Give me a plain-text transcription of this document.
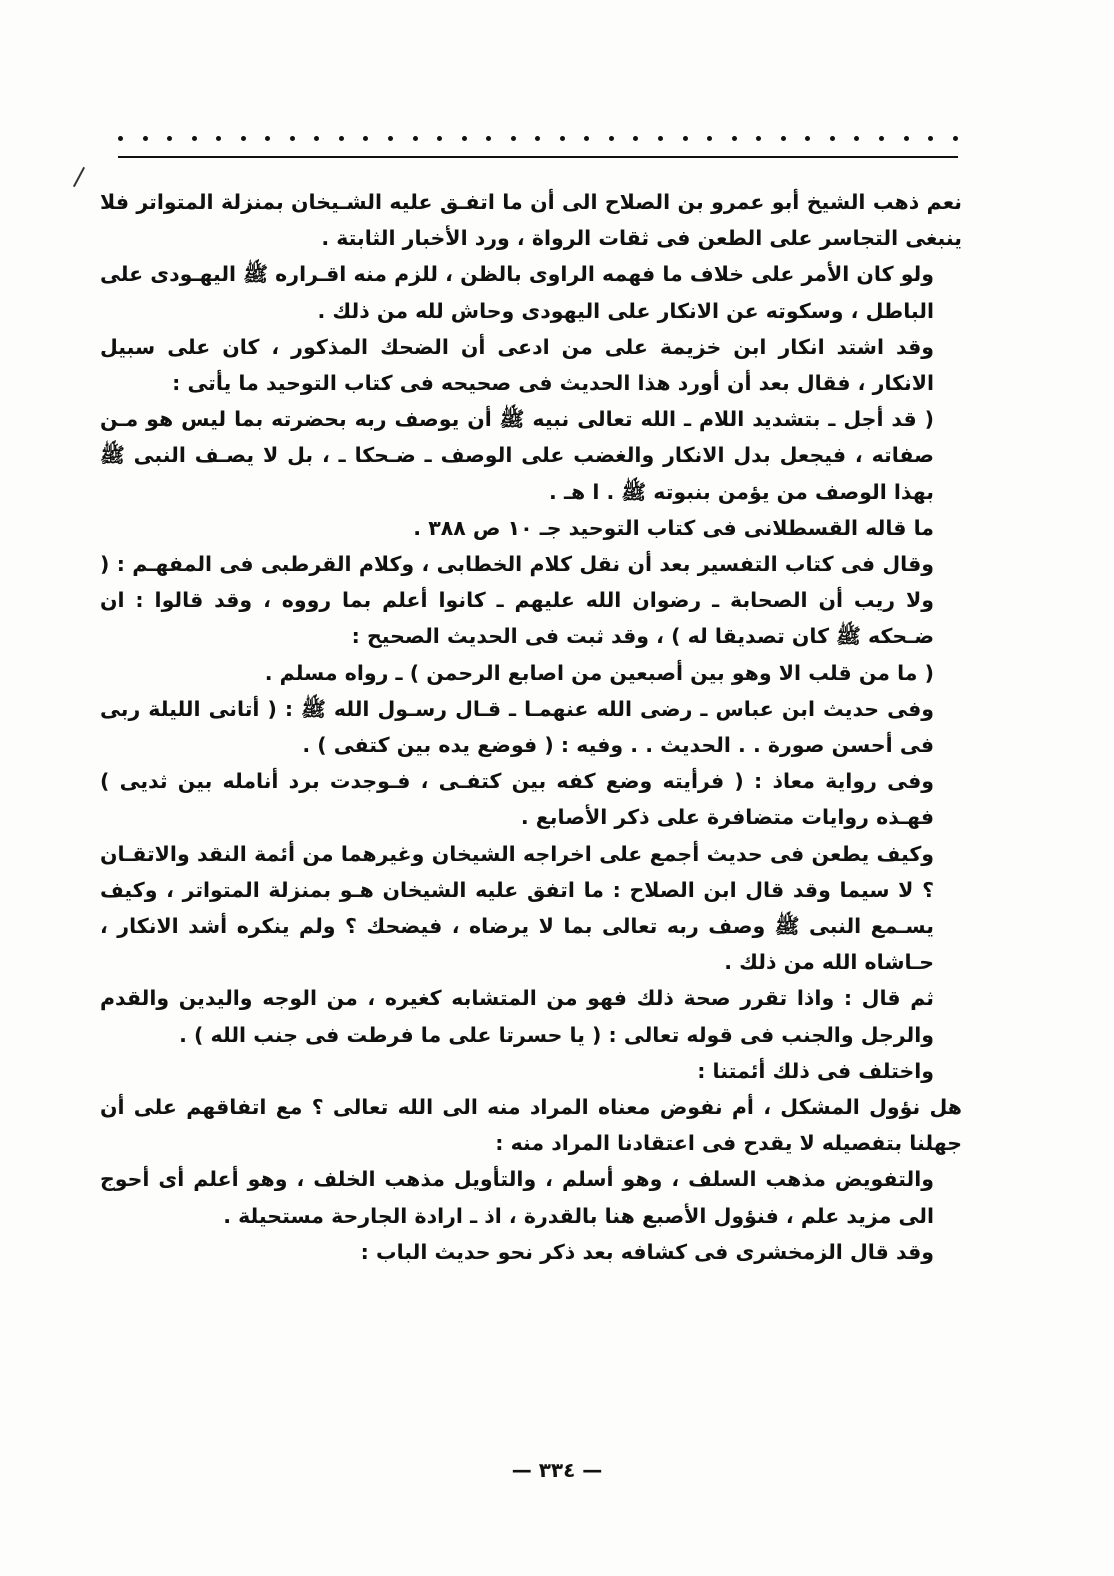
نعم ذهب الشيخ أبو عمرو بن الصلاح الى أن ما اتفـق عليه الشـيخان بمنزلة المتواتر فلا ينبغى التجاسر على الطعن فى ثقات الرواة ، ورد الأخبار الثابتة .

ولو كان الأمر على خلاف ما فهمه الراوى بالظن ، للزم منه اقـراره ﷺ اليهـودى على الباطل ، وسكوته عن الانكار على اليهودى وحاش لله من ذلك .

وقد اشتد انكار ابن خزيمة على من ادعى أن الضحك المذكور ، كان على سبيل الانكار ، فقال بعد أن أورد هذا الحديث فى صحيحه فى كتاب التوحيد ما يأتى :

( قد أجل ـ بتشديد اللام ـ الله تعالى نبيه ﷺ أن يوصف ربه بحضرته بما ليس هو مـن صفاته ، فيجعل بدل الانكار والغضب على الوصف ـ ضـحكا ـ ، بل لا يصـف النبى ﷺ بهذا الوصف من يؤمن بنبوته ﷺ . ا هـ .

ما قاله القسطلانى فى كتاب التوحيد جـ ١٠ ص ٣٨٨ .

وقال فى كتاب التفسير بعد أن نقل كلام الخطابى ، وكلام القرطبى فى المفهـم : ( ولا ريب أن الصحابة ـ رضوان الله عليهم ـ كانوا أعلم بما رووه ، وقد قالوا : ان ضـحكه ﷺ كان تصديقا له ) ، وقد ثبت فى الحديث الصحيح :

( ما من قلب الا وهو بين أصبعين من اصابع الرحمن ) ـ رواه مسلم .

وفى حديث ابن عباس ـ رضى الله عنهمـا ـ قـال رسـول الله ﷺ : ( أتانى الليلة ربى فى أحسن صورة . . الحديث . . وفيه : ( فوضع يده بين كتفى ) .

وفى رواية معاذ : ( فرأيته وضع كفه بين كتفـى ، فـوجدت برد أنامله بين ثديى ) فهـذه روايات متضافرة على ذكر الأصابع .

وكيف يطعن فى حديث أجمع على اخراجه الشيخان وغيرهما من أئمة النقد والاتقـان ؟ لا سيما وقد قال ابن الصلاح : ما اتفق عليه الشيخان هـو بمنزلة المتواتر ، وكيف يسـمع النبى ﷺ وصف ربه تعالى بما لا يرضاه ، فيضحك ؟ ولم ينكره أشد الانكار ، حـاشاه الله من ذلك .

ثم قال : واذا تقرر صحة ذلك فهو من المتشابه كغيره ، من الوجه واليدين والقدم والرجل والجنب فى قوله تعالى : ( يا حسرتا على ما فرطت فى جنب الله ) .

واختلف فى ذلك أئمتنا :

هل نؤول المشكل ، أم نفوض معناه المراد منه الى الله تعالى ؟ مع اتفاقهم على أن جهلنا بتفصيله لا يقدح فى اعتقادنا المراد منه :

والتفويض مذهب السلف ، وهو أسلم ، والتأويل مذهب الخلف ، وهو أعلم أى أحوج الى مزيد علم ، فنؤول الأصبع هنا بالقدرة ، اذ ـ ارادة الجارحة مستحيلة .

وقد قال الزمخشرى فى كشافه بعد ذكر نحو حديث الباب :

— ٣٣٤ —
